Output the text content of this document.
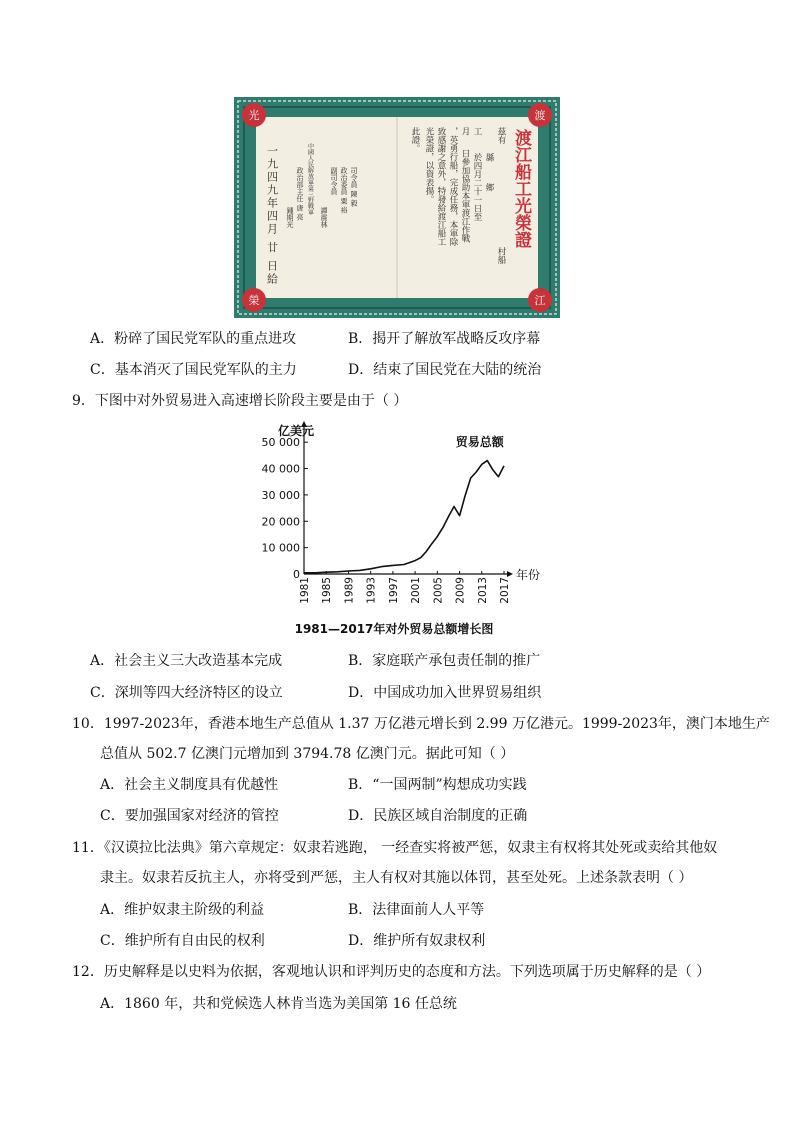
光	渡
榮	江
渡江船工光榮證
茲有
縣
鄉
村船
工
於四月二十一日至
月
日參加協助本軍渡江作戰
，英勇行船，完成任務，本軍除
致感謝之意外，特發給渡江船工
光榮證，以資表揚。
此證。
中國人民解放軍第三野戰軍	司令員 陳 毅
政治委員 粟 裕
副司令員
譚震林
政治部主任 唐 亮
鍾期光
一九四九年四月 廿 日給
A．粉碎了国民党军队的重点进攻	B．揭开了解放军战略反攻序幕
C．基本消灭了国民党军队的主力	D．结束了国民党在大陆的统治
9．下图中对外贸易进入高速增长阶段主要是由于（ ）
0
10 000
20 000
30 000
40 000
50 000
1981 1985 1989 1993 1997 2001 2005 2009 2013 2017
亿美元
年份
贸易总额
1981—2017年对外贸易总额增长图
A．社会主义三大改造基本完成	B．家庭联产承包责任制的推广
C．深圳等四大经济特区的设立	D．中国成功加入世界贸易组织
10．1997-2023年，香港本地生产总值从 1.37 万亿港元增长到 2.99 万亿港元。1999-2023年，澳门本地生产
总值从 502.7 亿澳门元增加到 3794.78 亿澳门元。据此可知（ ）
A．社会主义制度具有优越性	B．“一国两制”构想成功实践
C．要加强国家对经济的管控	D．民族区域自治制度的正确
11．《汉谟拉比法典》第六章规定：奴隶若逃跑， 一经查实将被严惩，奴隶主有权将其处死或卖给其他奴
隶主。奴隶若反抗主人，亦将受到严惩，主人有权对其施以体罚，甚至处死。上述条款表明（ ）
A．维护奴隶主阶级的利益	B．法律面前人人平等
C．维护所有自由民的权利	D．维护所有奴隶权利
12．历史解释是以史料为依据，客观地认识和评判历史的态度和方法。下列选项属于历史解释的是（ ）
A．1860 年，共和党候选人林肯当选为美国第 16 任总统
